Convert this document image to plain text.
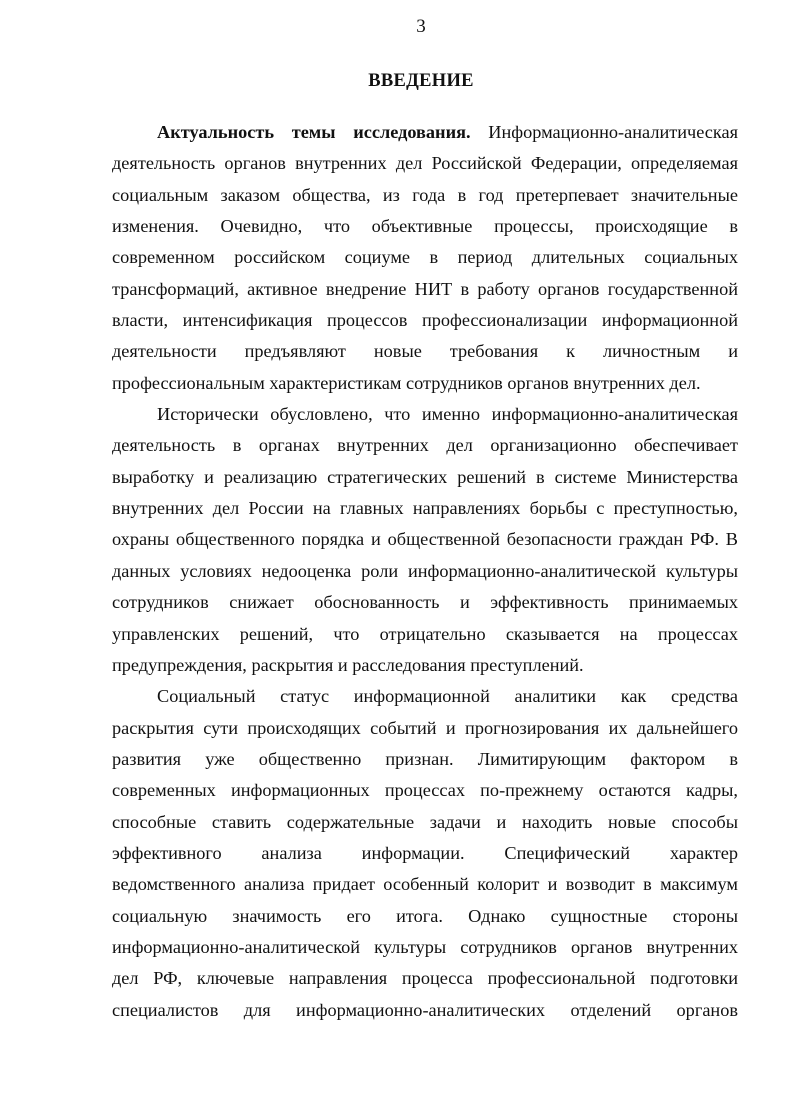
3
ВВЕДЕНИЕ
Актуальность темы исследования. Информационно-аналитическая
деятельность органов внутренних дел Российской Федерации, определяемая
социальным заказом общества, из года в год претерпевает значительные
изменения. Очевидно, что объективные процессы, происходящие в
современном российском социуме в период длительных социальных
трансформаций, активное внедрение НИТ в работу органов государственной
власти, интенсификация процессов профессионализации информационной
деятельности предъявляют новые требования к личностным и
профессиональным характеристикам сотрудников органов внутренних дел.
Исторически обусловлено, что именно информационно-аналитическая
деятельность в органах внутренних дел организационно обеспечивает
выработку и реализацию стратегических решений в системе Министерства
внутренних дел России на главных направлениях борьбы с преступностью,
охраны общественного порядка и общественной безопасности граждан РФ. В
данных условиях недооценка роли информационно-аналитической культуры
сотрудников снижает обоснованность и эффективность принимаемых
управленских решений, что отрицательно сказывается на процессах
предупреждения, раскрытия и расследования преступлений.
Социальный статус информационной аналитики как средства
раскрытия сути происходящих событий и прогнозирования их дальнейшего
развития уже общественно признан. Лимитирующим фактором в
современных информационных процессах по-прежнему остаются кадры,
способные ставить содержательные задачи и находить новые способы
эффективного анализа информации. Специфический характер
ведомственного анализа придает особенный колорит и возводит в максимум
социальную значимость его итога. Однако сущностные стороны
информационно-аналитической культуры сотрудников органов внутренних
дел РФ, ключевые направления процесса профессиональной подготовки
специалистов для информационно-аналитических отделений органов
